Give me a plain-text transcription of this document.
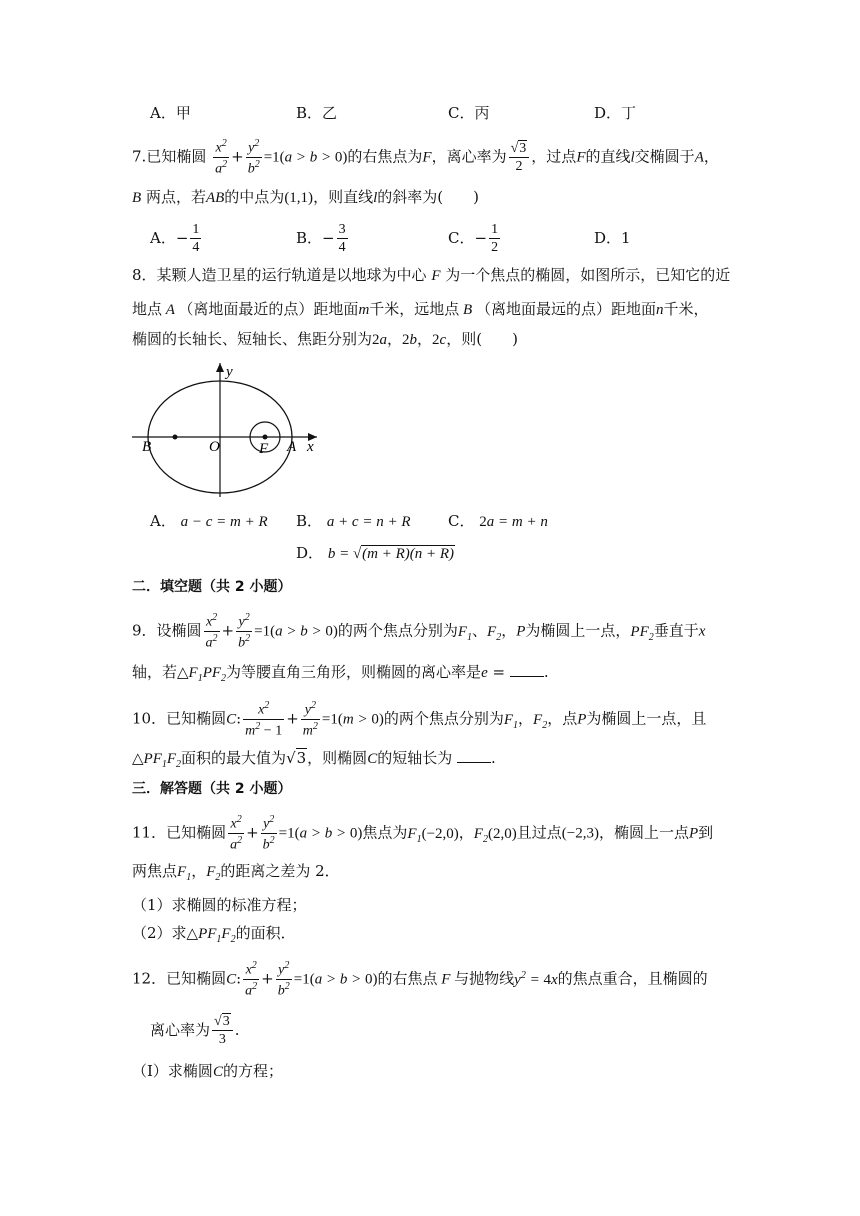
A．甲	B．乙	C．丙	D．丁
7.已知椭圆 $\frac{x^2}{a^2} + \frac{y^2}{b^2} =1(a > b > 0)$的右焦点为F，离心率为 $\frac{√3}{2}$ ，过点F的直线l交椭圆于A，
B 两点，若AB的中点为(1,1)，则直线l的斜率为(　　)
A．− $\frac{1}{4}$	B．− $\frac{3}{4}$	C．− $\frac{1}{2}$	D．1
8．某颗人造卫星的运行轨道是以地球为中心 F 为一个焦点的椭圆，如图所示，已知它的近
地点 A （离地面最近的点）距地面m千米，远地点 B （离地面最远的点）距地面n千米，
椭圆的长轴长、短轴长、焦距分别为2a，2b，2c，则(　　)
y
x
B	O	F A
A． a − c = m + R B． a + c = n + R	C． 2a = m + n
D． b = √(m + R)(n + R)
二．填空题（共 2 小题）
9．设椭圆 $\frac{x^2}{a^2} + \frac{y^2}{b^2} =1(a > b > 0)$的两个焦点分别为$F_1$、$F_2$，P为椭圆上一点，$PF_2$垂直于x
轴，若$\triangle F_1PF_2$为等腰直角三角形，则椭圆的离心率是e = .
10．已知椭圆C: $\frac{x^2}{m^2 - 1} + \frac{y^2}{m^2} =1(m > 0)$的两个焦点分别为$F_1$，$F_2$，点P为椭圆上一点，且
$\triangle PF_1F_2$面积的最大值为√3，则椭圆C的短轴长为	.
三．解答题（共 2 小题）
11．已知椭圆 $\frac{x^2}{a^2} + \frac{y^2}{b^2} =1(a > b > 0)$焦点为$F_1(-2,0)$，$F_2(2,0)$且过点(−2,3)，椭圆上一点P到
两焦点$F_1$，$F_2$的距离之差为 2．
（1）求椭圆的标准方程；
（2）求$\triangle PF_1F_2$的面积．
12．已知椭圆C: $\frac{x^2}{a^2} + \frac{y^2}{b^2} =1(a > b > 0)$的右焦点 F 与抛物线$y^2 = 4x$的焦点重合，且椭圆的
离心率为 $\frac{√3}{3}$ .
（Ⅰ）求椭圆C的方程；
